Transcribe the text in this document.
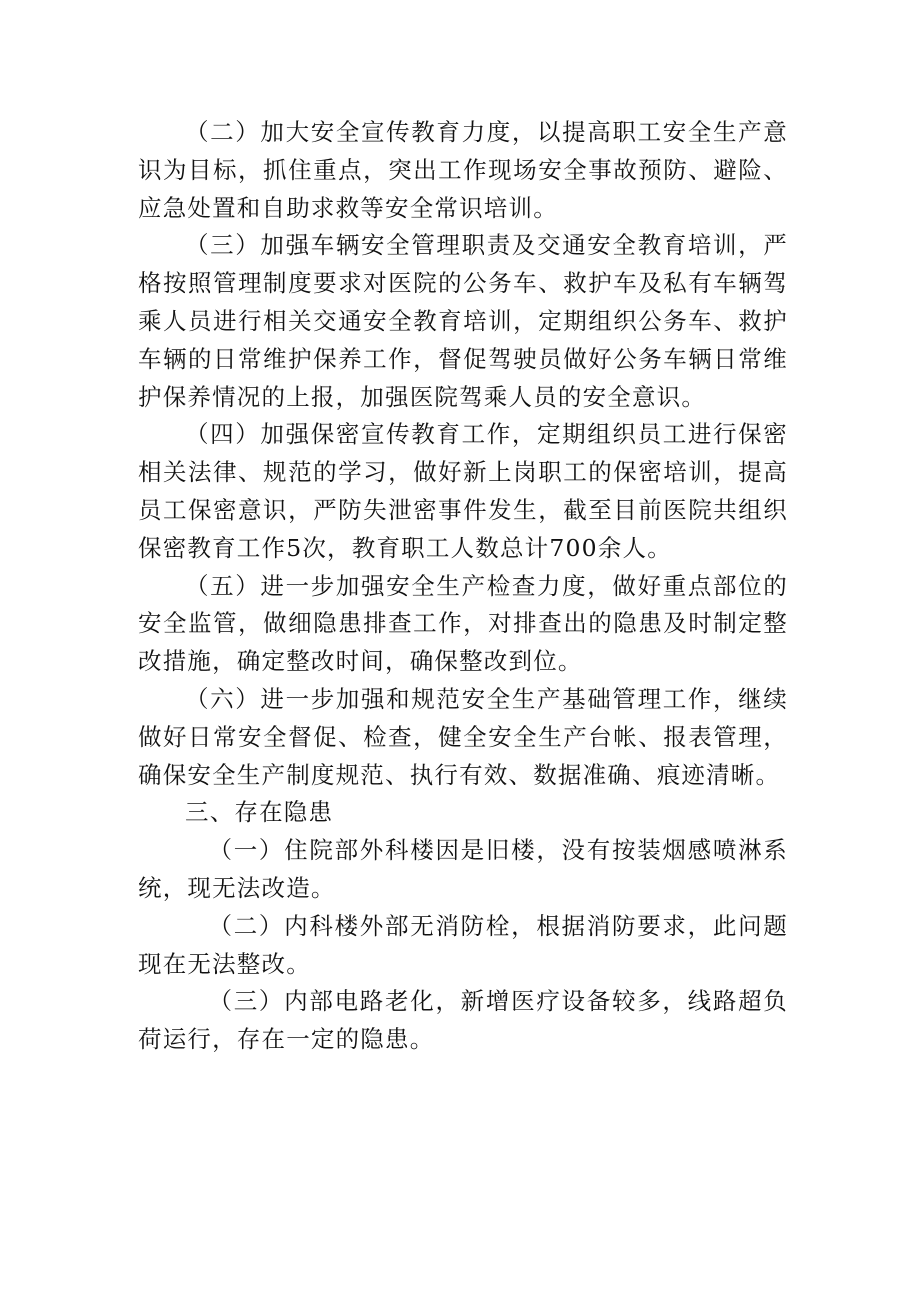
（二）加大安全宣传教育力度，以提高职工安全生产意识为目标，抓住重点，突出工作现场安全事故预防、避险、应急处置和自助求救等安全常识培训。

（三）加强车辆安全管理职责及交通安全教育培训，严格按照管理制度要求对医院的公务车、救护车及私有车辆驾乘人员进行相关交通安全教育培训，定期组织公务车、救护车辆的日常维护保养工作，督促驾驶员做好公务车辆日常维护保养情况的上报，加强医院驾乘人员的安全意识。

（四）加强保密宣传教育工作，定期组织员工进行保密相关法律、规范的学习，做好新上岗职工的保密培训，提高员工保密意识，严防失泄密事件发生，截至目前医院共组织保密教育工作5次，教育职工人数总计700余人。

（五）进一步加强安全生产检查力度，做好重点部位的安全监管，做细隐患排查工作，对排查出的隐患及时制定整改措施，确定整改时间，确保整改到位。

（六）进一步加强和规范安全生产基础管理工作，继续做好日常安全督促、检查，健全安全生产台帐、报表管理，确保安全生产制度规范、执行有效、数据准确、痕迹清晰。

三、存在隐患

（一）住院部外科楼因是旧楼，没有按装烟感喷淋系统，现无法改造。

（二）内科楼外部无消防栓，根据消防要求，此问题现在无法整改。

（三）内部电路老化，新增医疗设备较多，线路超负荷运行，存在一定的隐患。
